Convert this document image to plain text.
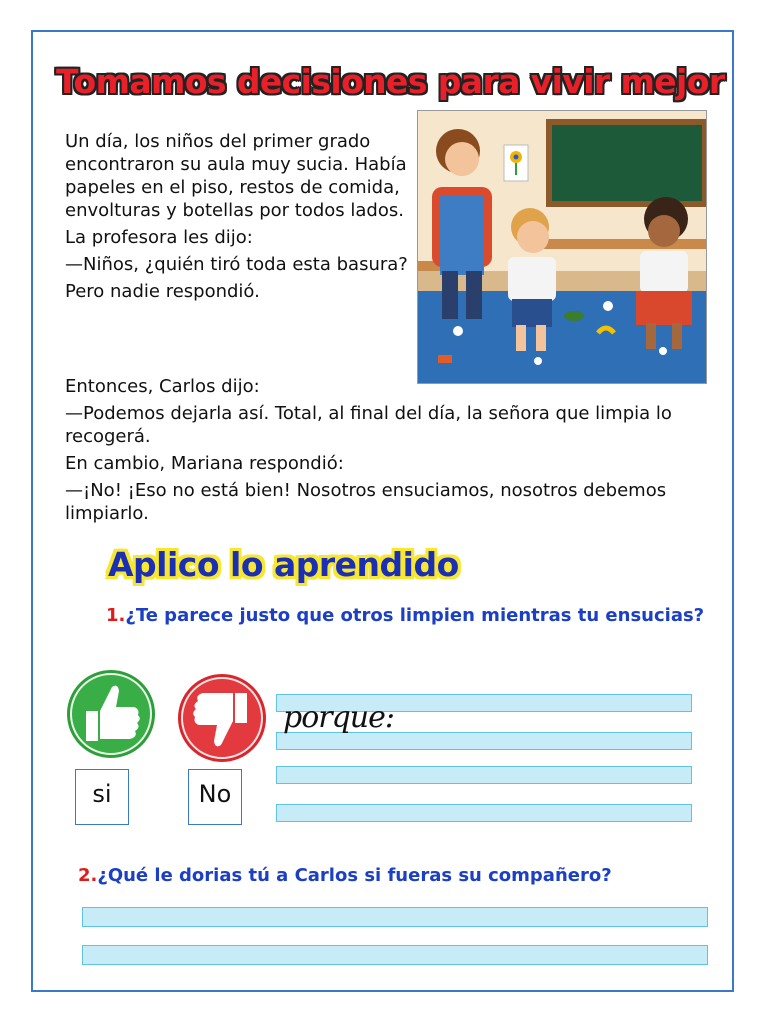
Tomamos decisiones para vivir mejor

Un día, los niños del primer grado encontraron su aula muy sucia. Había papeles en el piso, restos de comida, envolturas y botellas por todos lados.

La profesora les dijo:

—Niños, ¿quién tiró toda esta basura?

Pero nadie respondió.

Entonces, Carlos dijo:

—Podemos dejarla así. Total, al final del día, la señora que limpia lo recogerá.

En cambio, Mariana respondió:

—¡No! ¡Eso no está bien! Nosotros ensuciamos, nosotros debemos limpiarlo.

Aplico lo aprendido
1.¿Te parece justo que otros limpien mientras tu ensucias?
si	No
porque:
2.¿Qué le dorias tú a Carlos si fueras su compañero?
